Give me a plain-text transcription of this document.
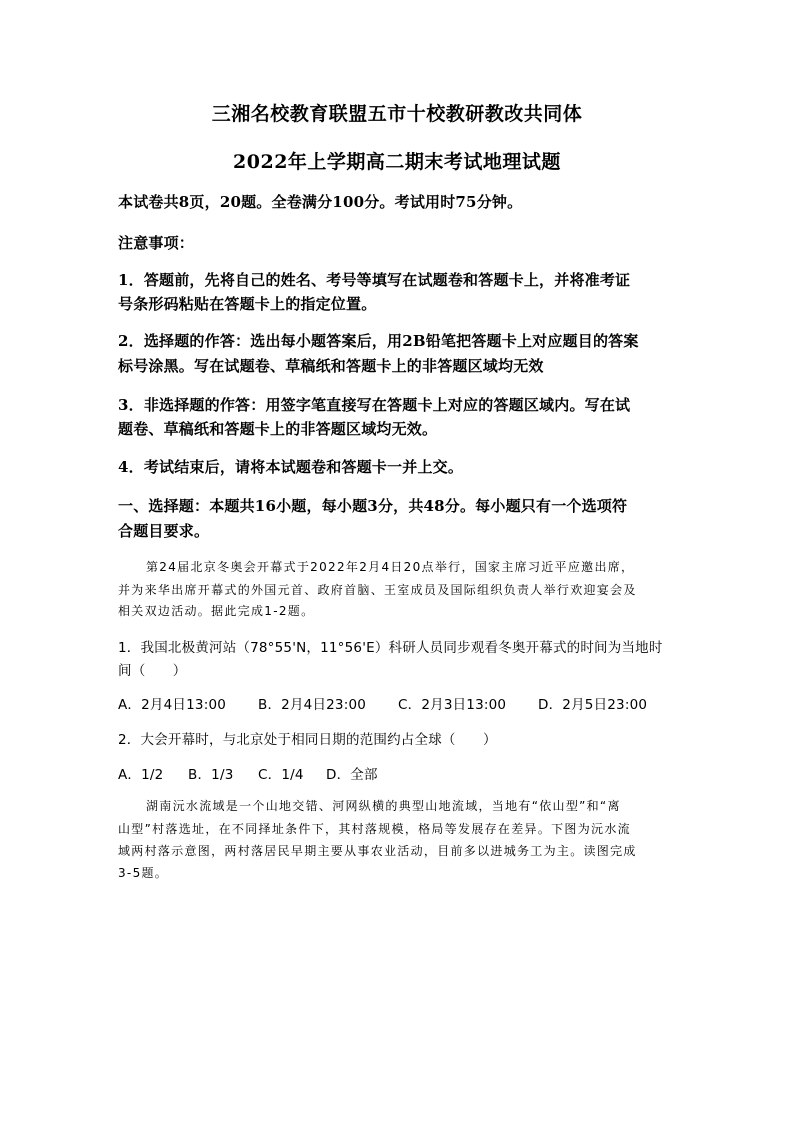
三湘名校教育联盟五市十校教研教改共同体
2022年上学期高二期末考试地理试题
本试卷共8页，20题。全卷满分100分。考试用时75分钟。
注意事项：
1．答题前，先将自己的姓名、考号等填写在试题卷和答题卡上，并将准考证
号条形码粘贴在答题卡上的指定位置。
2．选择题的作答：选出每小题答案后，用2B铅笔把答题卡上对应题目的答案
标号涂黑。写在试题卷、草稿纸和答题卡上的非答题区域均无效
3．非选择题的作答：用签字笔直接写在答题卡上对应的答题区域内。写在试
题卷、草稿纸和答题卡上的非答题区域均无效。
4．考试结束后，请将本试题卷和答题卡一并上交。
一、选择题：本题共16小题，每小题3分，共48分。每小题只有一个选项符
合题目要求。
第24届北京冬奥会开幕式于2022年2月4日20点举行，国家主席习近平应邀出席，
并为来华出席开幕式的外国元首、政府首脑、王室成员及国际组织负责人举行欢迎宴会及
相关双边活动。据此完成1-2题。
1．我国北极黄河站（78°55'N，11°56'E）科研人员同步观看冬奥开幕式的时间为当地时
间（　　）
A．2月4日13:00 B．2月4日23:00 C．2月3日13:00 D．2月5日23:00
2．大会开幕时，与北京处于相同日期的范围约占全球（　　）
A．1/2 B．1/3 C．1/4 D．全部
湖南沅水流域是一个山地交错、河网纵横的典型山地流域，当地有“依山型”和“离
山型”村落选址，在不同择址条件下，其村落规模，格局等发展存在差异。下图为沅水流
域两村落示意图，两村落居民早期主要从事农业活动，目前多以进城务工为主。读图完成
3-5题。
